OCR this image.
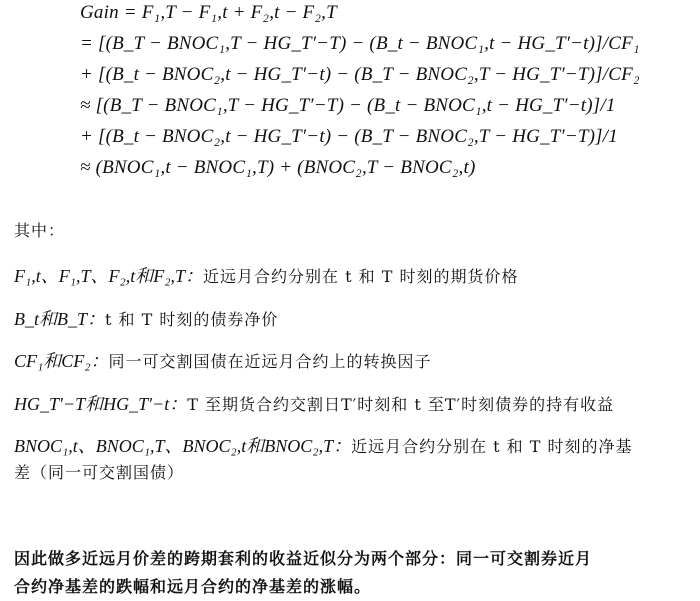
Gain = F₁,T − F₁,t + F₂,t − F₂,T
= [(B_T − BNOC₁,T − HG_T′−T) − (B_t − BNOC₁,t − HG_T′−t)]/CF₁
+ [(B_t − BNOC₂,t − HG_T′−t) − (B_T − BNOC₂,T − HG_T′−T)]/CF₂
≈ [(B_T − BNOC₁,T − HG_T′−T) − (B_t − BNOC₁,t − HG_T′−t)]/1
+ [(B_t − BNOC₂,t − HG_T′−t) − (B_T − BNOC₂,T − HG_T′−T)]/1
≈ (BNOC₁,t − BNOC₁,T) + (BNOC₂,T − BNOC₂,t)
其中：
F₁,t、F₁,T、F₂,t和F₂,T：近远月合约分别在 t 和 T 时刻的期货价格
B_t和B_T：t 和 T 时刻的债券净价
CF₁和CF₂：同一可交割国债在近远月合约上的转换因子
HG_T′−T和HG_T′−t：T 至期货合约交割日T′时刻和 t 至T′时刻债券的持有收益
BNOC₁,t、BNOC₁,T、BNOC₂,t和BNOC₂,T：近远月合约分别在 t 和 T 时刻的净基
差（同一可交割国债）
因此做多近远月价差的跨期套利的收益近似分为两个部分：同一可交割券近月
合约净基差的跌幅和远月合约的净基差的涨幅。
